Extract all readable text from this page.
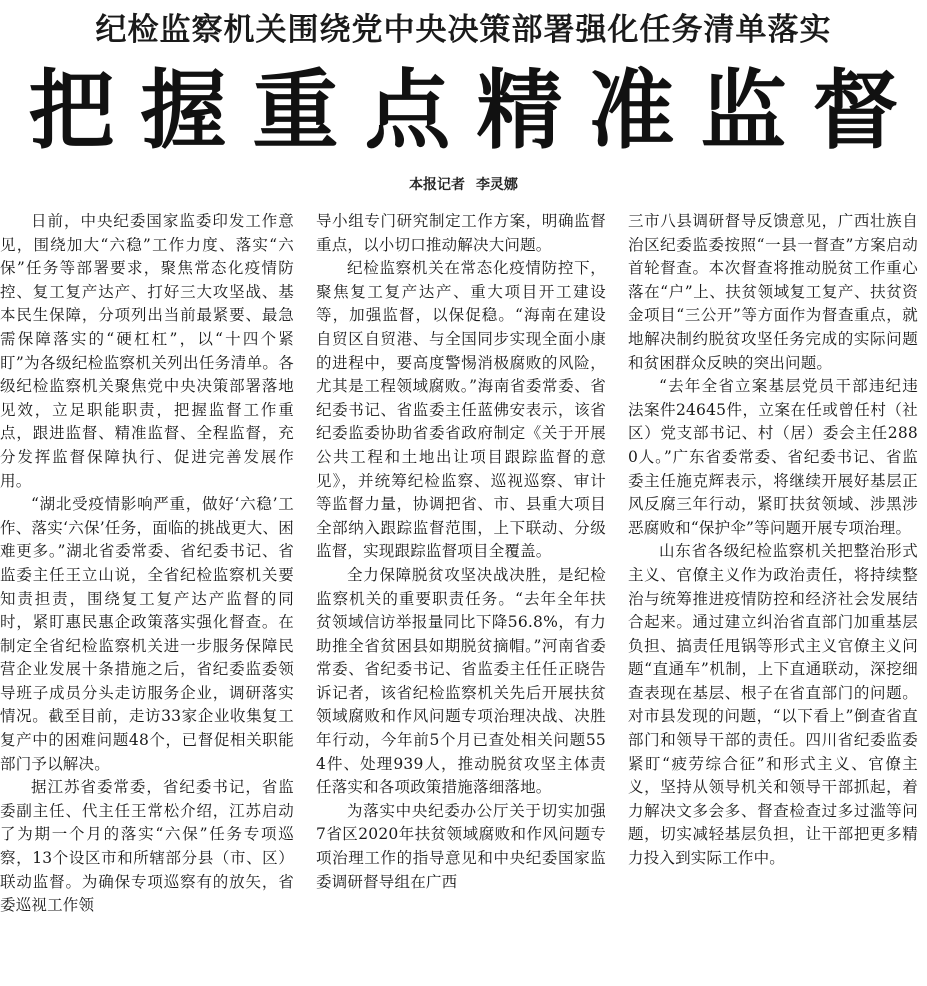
纪检监察机关围绕党中央决策部署强化任务清单落实
把握重点精准监督
本报记者 李灵娜

日前，中央纪委国家监委印发工作意见，围绕加大“六稳”工作力度、落实“六保”任务等部署要求，聚焦常态化疫情防控、复工复产达产、打好三大攻坚战、基本民生保障，分项列出当前最紧要、最急需保障落实的“硬杠杠”，以“十四个紧盯”为各级纪检监察机关列出任务清单。各级纪检监察机关聚焦党中央决策部署落地见效，立足职能职责，把握监督工作重点，跟进监督、精准监督、全程监督，充分发挥监督保障执行、促进完善发展作用。

“湖北受疫情影响严重，做好‘六稳’工作、落实‘六保’任务，面临的挑战更大、困难更多。”湖北省委常委、省纪委书记、省监委主任王立山说，全省纪检监察机关要知责担责，围绕复工复产达产监督的同时，紧盯惠民惠企政策落实强化督查。在制定全省纪检监察机关进一步服务保障民营企业发展十条措施之后，省纪委监委领导班子成员分头走访服务企业，调研落实情况。截至目前，走访33家企业收集复工复产中的困难问题48个，已督促相关职能部门予以解决。

据江苏省委常委，省纪委书记，省监委副主任、代主任王常松介绍，江苏启动了为期一个月的落实“六保”任务专项巡察，13个设区市和所辖部分县（市、区）联动监督。为确保专项巡察有的放矢，省委巡视工作领

导小组专门研究制定工作方案，明确监督重点，以小切口推动解决大问题。

纪检监察机关在常态化疫情防控下，聚焦复工复产达产、重大项目开工建设等，加强监督，以保促稳。“海南在建设自贸区自贸港、与全国同步实现全面小康的进程中，要高度警惕消极腐败的风险，尤其是工程领域腐败。”海南省委常委、省纪委书记、省监委主任蓝佛安表示，该省纪委监委协助省委省政府制定《关于开展公共工程和土地出让项目跟踪监督的意见》，并统筹纪检监察、巡视巡察、审计等监督力量，协调把省、市、县重大项目全部纳入跟踪监督范围，上下联动、分级监督，实现跟踪监督项目全覆盖。

全力保障脱贫攻坚决战决胜，是纪检监察机关的重要职责任务。“去年全年扶贫领域信访举报量同比下降56.8%，有力助推全省贫困县如期脱贫摘帽。”河南省委常委、省纪委书记、省监委主任任正晓告诉记者，该省纪检监察机关先后开展扶贫领域腐败和作风问题专项治理决战、决胜年行动，今年前5个月已查处相关问题554件、处理939人，推动脱贫攻坚主体责任落实和各项政策措施落细落地。

为落实中央纪委办公厅关于切实加强7省区2020年扶贫领域腐败和作风问题专项治理工作的指导意见和中央纪委国家监委调研督导组在广西

三市八县调研督导反馈意见，广西壮族自治区纪委监委按照“一县一督查”方案启动首轮督查。本次督查将推动脱贫工作重心落在“户”上、扶贫领域复工复产、扶贫资金项目“三公开”等方面作为督查重点，就地解决制约脱贫攻坚任务完成的实际问题和贫困群众反映的突出问题。

“去年全省立案基层党员干部违纪违法案件24645件，立案在任或曾任村（社区）党支部书记、村（居）委会主任2880人。”广东省委常委、省纪委书记、省监委主任施克辉表示，将继续开展好基层正风反腐三年行动，紧盯扶贫领域、涉黑涉恶腐败和“保护伞”等问题开展专项治理。

山东省各级纪检监察机关把整治形式主义、官僚主义作为政治责任，将持续整治与统筹推进疫情防控和经济社会发展结合起来。通过建立纠治省直部门加重基层负担、搞责任甩锅等形式主义官僚主义问题“直通车”机制，上下直通联动，深挖细查表现在基层、根子在省直部门的问题。对市县发现的问题，“以下看上”倒查省直部门和领导干部的责任。四川省纪委监委紧盯“疲劳综合征”和形式主义、官僚主义，坚持从领导机关和领导干部抓起，着力解决文多会多、督查检查过多过滥等问题，切实减轻基层负担，让干部把更多精力投入到实际工作中。
